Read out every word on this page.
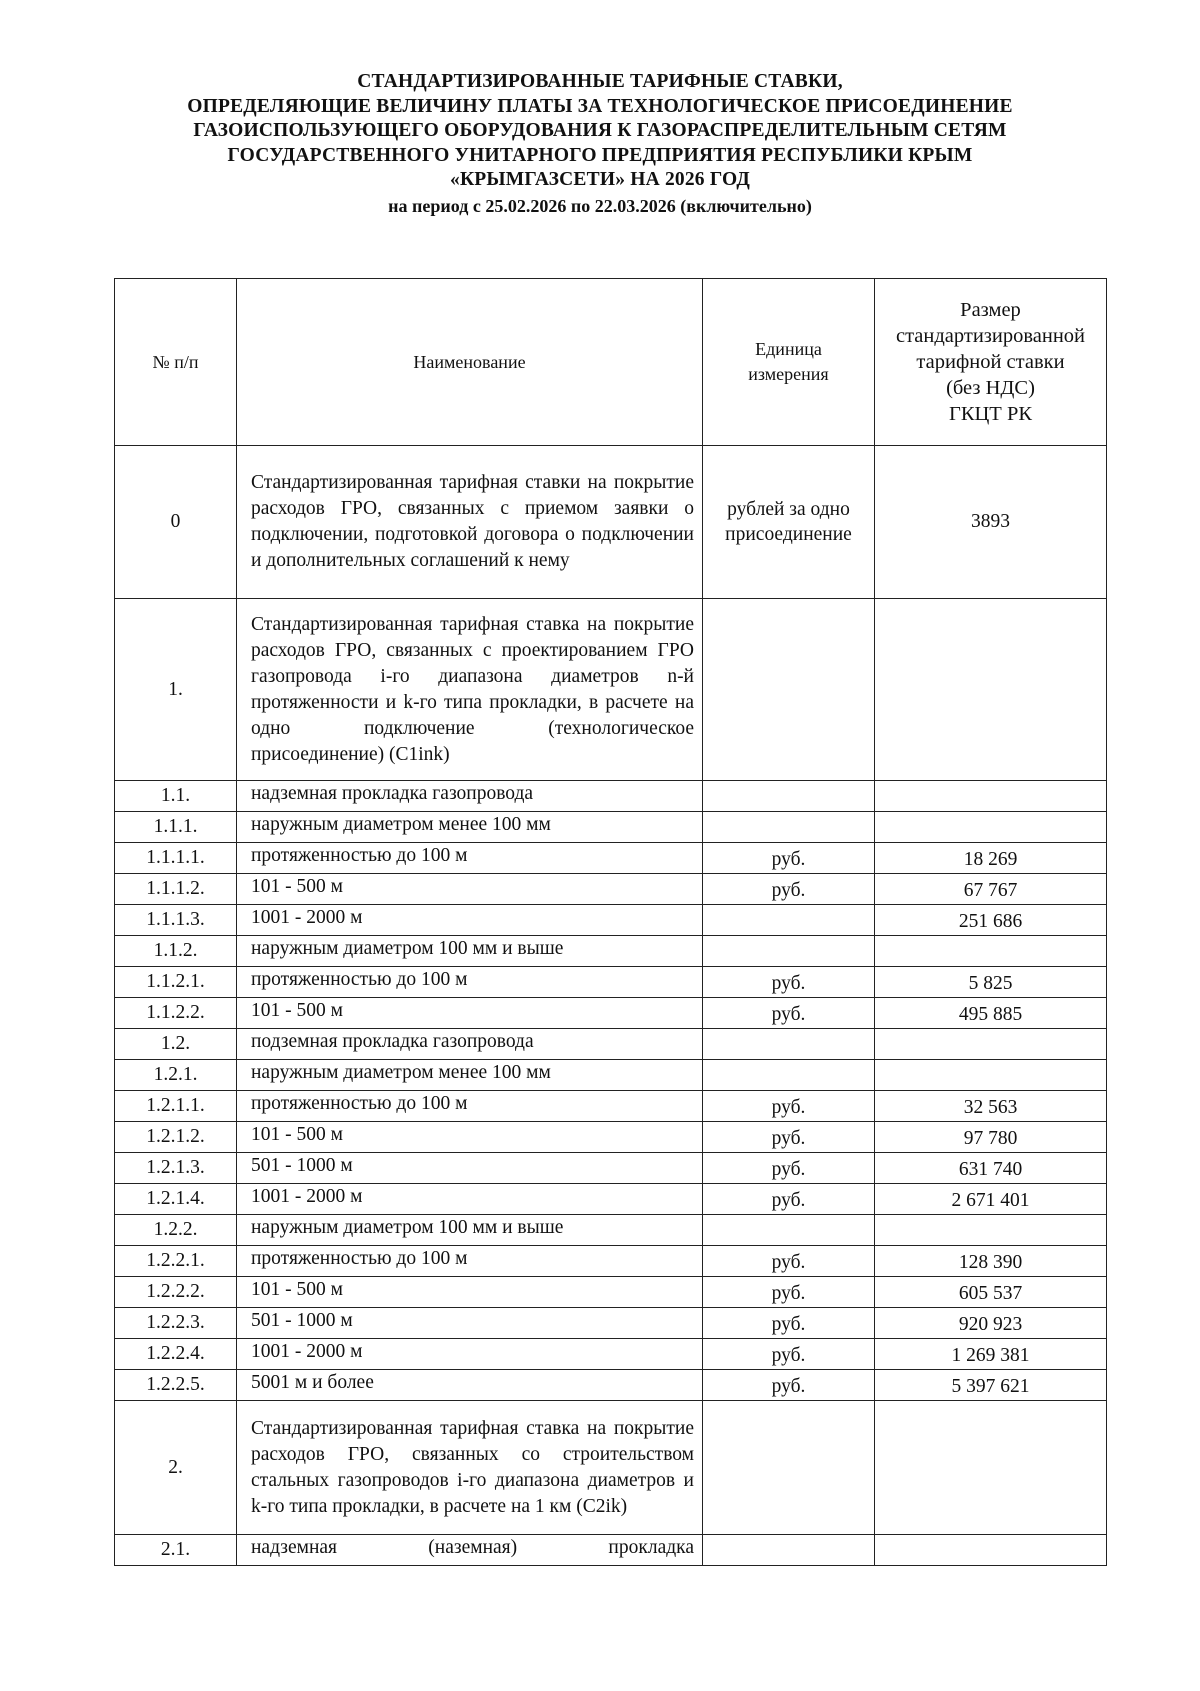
СТАНДАРТИЗИРОВАННЫЕ ТАРИФНЫЕ СТАВКИ,
ОПРЕДЕЛЯЮЩИЕ ВЕЛИЧИНУ ПЛАТЫ ЗА ТЕХНОЛОГИЧЕСКОЕ ПРИСОЕДИНЕНИЕ
ГАЗОИСПОЛЬЗУЮЩЕГО ОБОРУДОВАНИЯ К ГАЗОРАСПРЕДЕЛИТЕЛЬНЫМ СЕТЯМ
ГОСУДАРСТВЕННОГО УНИТАРНОГО ПРЕДПРИЯТИЯ РЕСПУБЛИКИ КРЫМ
«КРЫМГАЗСЕТИ» НА 2026 ГОД
на период с 25.02.2026 по 22.03.2026 (включительно)
№ п/п	Наименование	Единица измерения	Размер
стандартизированной
тарифной ставки
(без НДС)
ГКЦТ РК

0	Стандартизированная тарифная ставки на покрытие расходов ГРО, связанных с приемом заявки о подключении, подготовкой договора о подключении и дополнительных соглашений к нему	рублей за одно присоединение	3893
1.	Стандартизированная тарифная ставка на покрытие расходов ГРО, связанных с проектированием ГРО газопровода i-го диапазона диаметров n-й протяженности и k-го типа прокладки, в расчете на одно подключение (технологическое присоединение) (C1ink)		
1.1.	надземная прокладка газопровода		
1.1.1.	наружным диаметром менее 100 мм		
1.1.1.1.	протяженностью до 100 м	руб.	18 269
1.1.1.2.	101 - 500 м	руб.	67 767
1.1.1.3.	1001 - 2000 м		251 686
1.1.2.	наружным диаметром 100 мм и выше		
1.1.2.1.	протяженностью до 100 м	руб.	5 825
1.1.2.2.	101 - 500 м	руб.	495 885
1.2.	подземная прокладка газопровода		
1.2.1.	наружным диаметром менее 100 мм		
1.2.1.1.	протяженностью до 100 м	руб.	32 563
1.2.1.2.	101 - 500 м	руб.	97 780
1.2.1.3.	501 - 1000 м	руб.	631 740
1.2.1.4.	1001 - 2000 м	руб.	2 671 401
1.2.2.	наружным диаметром 100 мм и выше		
1.2.2.1.	протяженностью до 100 м	руб.	128 390
1.2.2.2.	101 - 500 м	руб.	605 537
1.2.2.3.	501 - 1000 м	руб.	920 923
1.2.2.4.	1001 - 2000 м	руб.	1 269 381
1.2.2.5.	5001 м и более	руб.	5 397 621
2.	Стандартизированная тарифная ставка на покрытие расходов ГРО, связанных со строительством стальных газопроводов i-го диапазона диаметров и k-го типа прокладки, в расчете на 1 км (C2ik)		
2.1.	надземная (наземная) прокладка		
